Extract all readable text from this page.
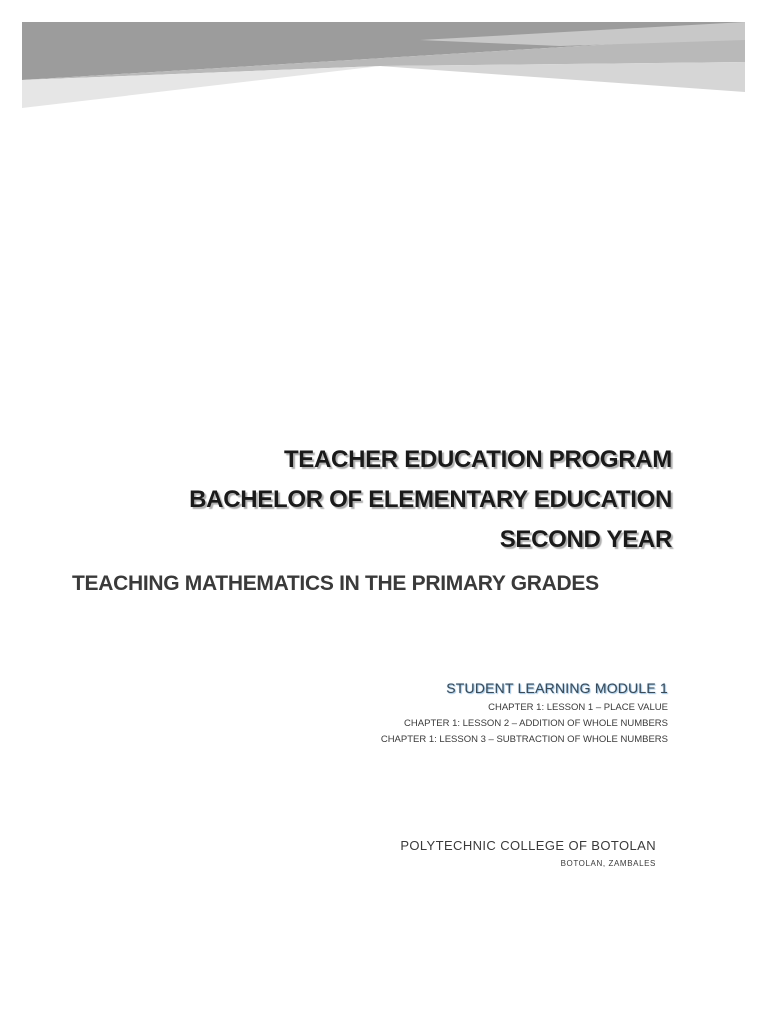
TEACHER EDUCATION PROGRAM
BACHELOR OF ELEMENTARY EDUCATION
SECOND YEAR
TEACHING MATHEMATICS IN THE PRIMARY GRADES
STUDENT LEARNING MODULE 1
CHAPTER 1: LESSON 1 – PLACE VALUE
CHAPTER 1: LESSON 2 – ADDITION OF WHOLE NUMBERS
CHAPTER 1: LESSON 3 – SUBTRACTION OF WHOLE NUMBERS
POLYTECHNIC COLLEGE OF BOTOLAN
BOTOLAN, ZAMBALES
